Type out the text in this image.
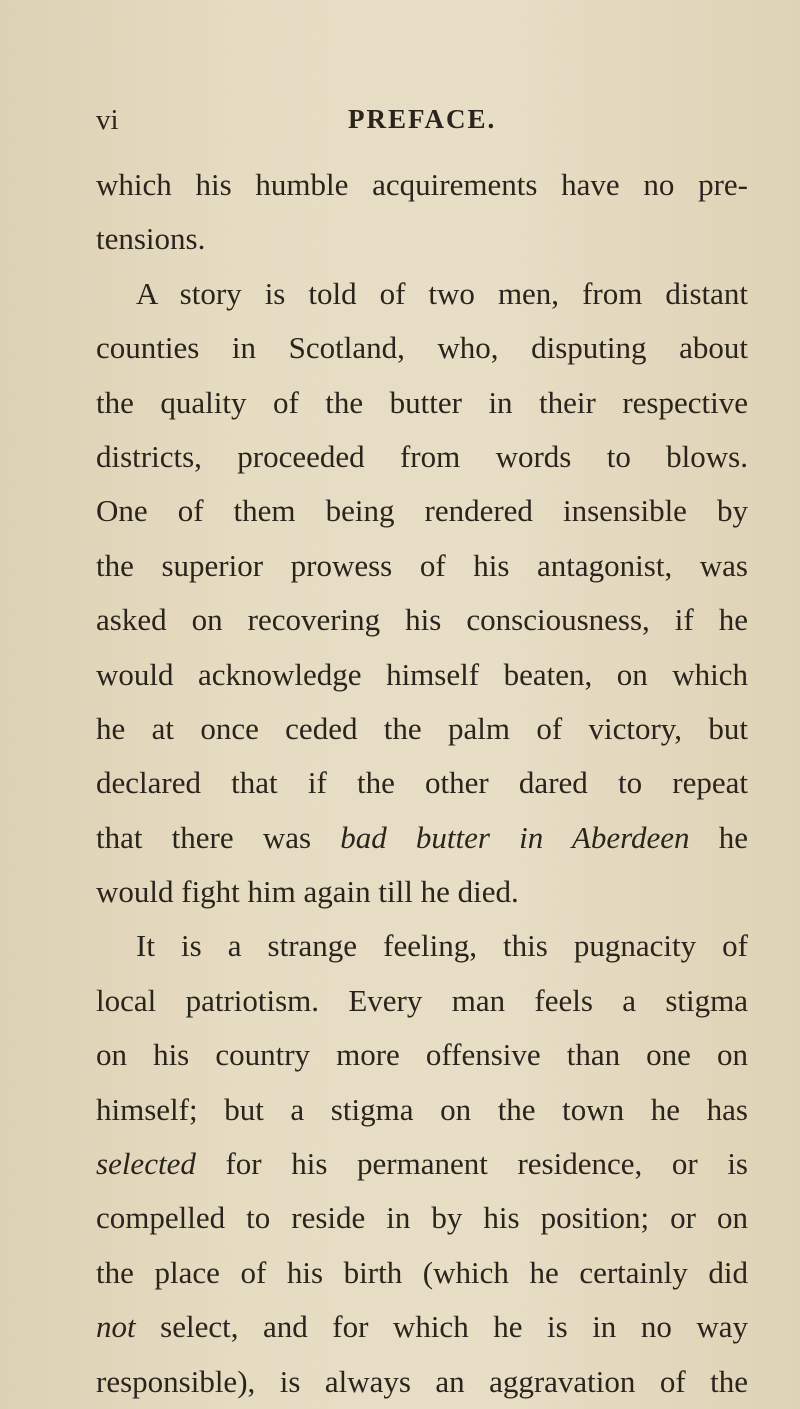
vi	PREFACE.
which his humble acquirements have no pre-
tensions.
A story is told of two men, from distant
counties in Scotland, who, disputing about
the quality of the butter in their respective
districts, proceeded from words to blows.
One of them being rendered insensible by
the superior prowess of his antagonist, was
asked on recovering his consciousness, if he
would acknowledge himself beaten, on which
he at once ceded the palm of victory, but
declared that if the other dared to repeat
that there was bad butter in Aberdeen he
would fight him again till he died.
It is a strange feeling, this pugnacity of
local patriotism. Every man feels a stigma
on his country more offensive than one on
himself; but a stigma on the town he has
selected for his permanent residence, or is
compelled to reside in by his position; or on
the place of his birth (which he certainly did
not select, and for which he is in no way
responsible), is always an aggravation of the
